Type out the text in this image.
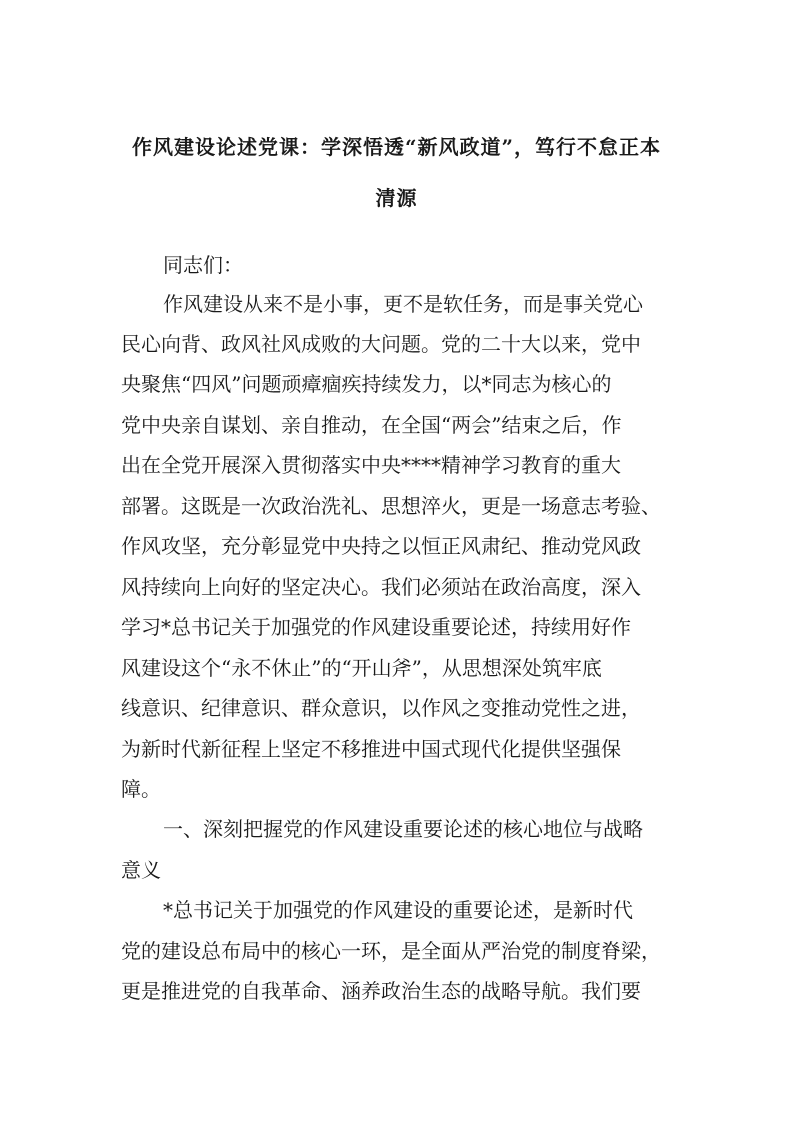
作风建设论述党课：学深悟透“新风政道”，笃行不怠正本
清源
同志们：
作风建设从来不是小事，更不是软任务，而是事关党心
民心向背、政风社风成败的大问题。党的二十大以来，党中
央聚焦“四风”问题顽瘴痼疾持续发力，以*同志为核心的
党中央亲自谋划、亲自推动，在全国“两会”结束之后，作
出在全党开展深入贯彻落实中央****精神学习教育的重大
部署。这既是一次政治洗礼、思想淬火，更是一场意志考验、
作风攻坚，充分彰显党中央持之以恒正风肃纪、推动党风政
风持续向上向好的坚定决心。我们必须站在政治高度，深入
学习*总书记关于加强党的作风建设重要论述，持续用好作
风建设这个“永不休止”的“开山斧”，从思想深处筑牢底
线意识、纪律意识、群众意识，以作风之变推动党性之进，
为新时代新征程上坚定不移推进中国式现代化提供坚强保
障。
一、深刻把握党的作风建设重要论述的核心地位与战略
意义
*总书记关于加强党的作风建设的重要论述，是新时代
党的建设总布局中的核心一环，是全面从严治党的制度脊梁，
更是推进党的自我革命、涵养政治生态的战略导航。我们要
